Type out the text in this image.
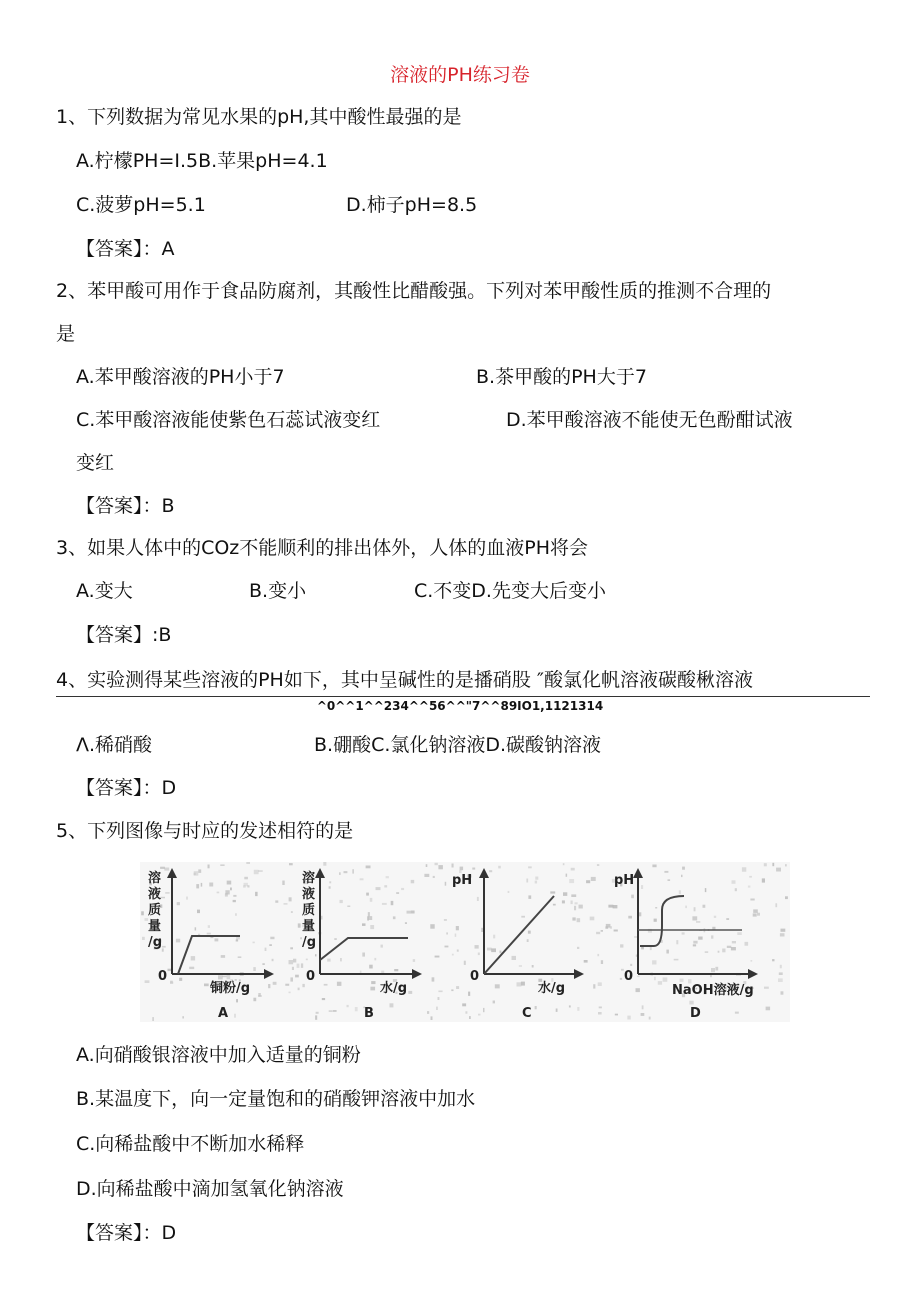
溶液的PH练习卷
1、下列数据为常见水果的pH,其中酸性最强的是
A.柠檬PH=I.5B.苹果pH=4.1
C.菠萝pH=5.1	D.柿子pH=8.5
【答案】：A
2、苯甲酸可用作于食品防腐剂，其酸性比醋酸强。下列对苯甲酸性质的推测不合理的
是
A.苯甲酸溶液的PH小于7	B.茶甲酸的PH大于7
C.苯甲酸溶液能使紫色石蕊试液变红	D.苯甲酸溶液不能使无色酚酣试液
变红
【答案】：B
3、如果人体中的COz不能顺利的排出体外，人体的血液PH将会
A.变大	B.变小	C.不变D.先变大后变小
【答案】:B
4、实验测得某些溶液的PH如下，其中呈碱性的是播硝股 ″酸氯化帆溶液碳酸楸溶液
^0^^1^^234^^56^^"7^^89IO1,1121314
Λ.稀硝酸	B.硼酸C.氯化钠溶液D.碳酸钠溶液
【答案】：D
5、下列图像与时应的发述相符的是
溶液质量/g
0
铜粉/g
A
溶液质量/g
0
水/g
B
pH
0
水/g
C
pH
0
NaOH溶液/g
D
A.向硝酸银溶液中加入适量的铜粉
B.某温度下，向一定量饱和的硝酸钾溶液中加水
C.向稀盐酸中不断加水稀释
D.向稀盐酸中滴加氢氧化钠溶液
【答案】：D
